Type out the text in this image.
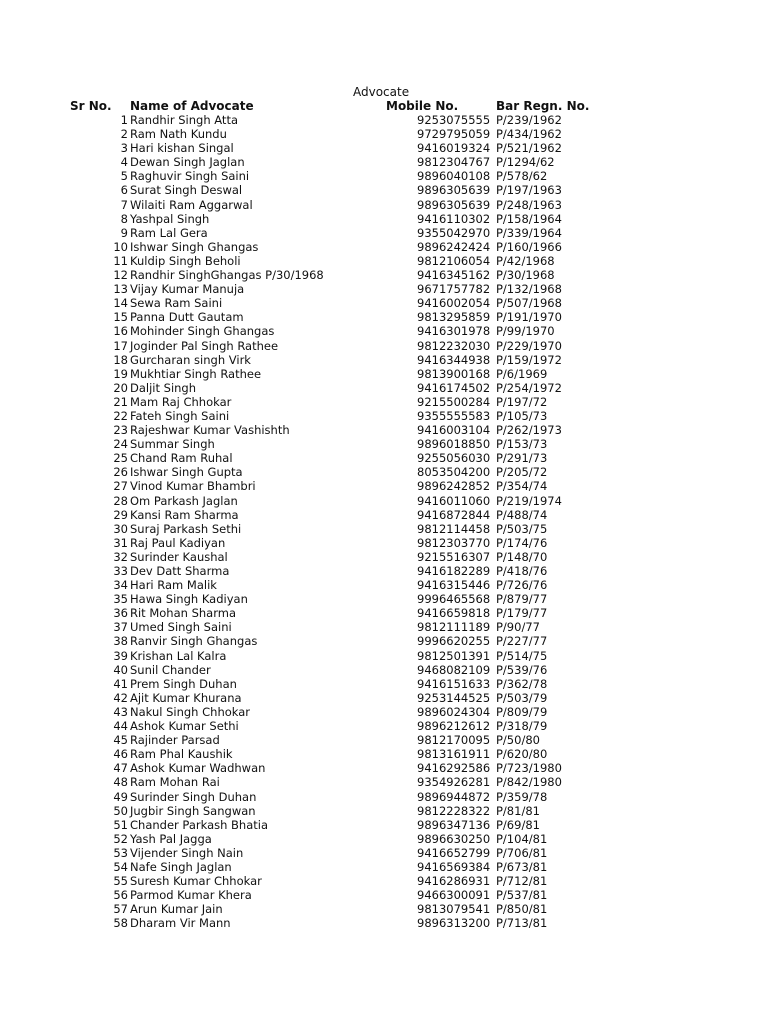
Advocate
Sr No. Name of Advocate	Mobile No.	Bar Regn. No.
1 Randhir Singh Atta	9253075555 P/239/1962
2 Ram Nath Kundu	9729795059 P/434/1962
3 Hari kishan Singal	9416019324 P/521/1962
4 Dewan Singh Jaglan	9812304767 P/1294/62
5 Raghuvir Singh Saini	9896040108 P/578/62
6 Surat Singh Deswal	9896305639 P/197/1963
7 Wilaiti Ram Aggarwal	9896305639 P/248/1963
8 Yashpal Singh	9416110302 P/158/1964
9 Ram Lal Gera	9355042970 P/339/1964
10 Ishwar Singh Ghangas	9896242424 P/160/1966
11 Kuldip Singh Beholi	9812106054 P/42/1968
12 Randhir SinghGhangas P/30/1968	9416345162 P/30/1968
13 Vijay Kumar Manuja	9671757782 P/132/1968
14 Sewa Ram Saini	9416002054 P/507/1968
15 Panna Dutt Gautam	9813295859 P/191/1970
16 Mohinder Singh Ghangas	9416301978 P/99/1970
17 Joginder Pal Singh Rathee	9812232030 P/229/1970
18 Gurcharan singh Virk	9416344938 P/159/1972
19 Mukhtiar Singh Rathee	9813900168 P/6/1969
20 Daljit Singh	9416174502 P/254/1972
21 Mam Raj Chhokar	9215500284 P/197/72
22 Fateh Singh Saini	9355555583 P/105/73
23 Rajeshwar Kumar Vashishth	9416003104 P/262/1973
24 Summar Singh	9896018850 P/153/73
25 Chand Ram Ruhal	9255056030 P/291/73
26 Ishwar Singh Gupta	8053504200 P/205/72
27 Vinod Kumar Bhambri	9896242852 P/354/74
28 Om Parkash Jaglan	9416011060 P/219/1974
29 Kansi Ram Sharma	9416872844 P/488/74
30 Suraj Parkash Sethi	9812114458 P/503/75
31 Raj Paul Kadiyan	9812303770 P/174/76
32 Surinder Kaushal	9215516307 P/148/70
33 Dev Datt Sharma	9416182289 P/418/76
34 Hari Ram Malik	9416315446 P/726/76
35 Hawa Singh Kadiyan	9996465568 P/879/77
36 Rit Mohan Sharma	9416659818 P/179/77
37 Umed Singh Saini	9812111189 P/90/77
38 Ranvir Singh Ghangas	9996620255 P/227/77
39 Krishan Lal Kalra	9812501391 P/514/75
40 Sunil Chander	9468082109 P/539/76
41 Prem Singh Duhan	9416151633 P/362/78
42 Ajit Kumar Khurana	9253144525 P/503/79
43 Nakul Singh Chhokar	9896024304 P/809/79
44 Ashok Kumar Sethi	9896212612 P/318/79
45 Rajinder Parsad	9812170095 P/50/80
46 Ram Phal Kaushik	9813161911 P/620/80
47 Ashok Kumar Wadhwan	9416292586 P/723/1980
48 Ram Mohan Rai	9354926281 P/842/1980
49 Surinder Singh Duhan	9896944872 P/359/78
50 Jugbir Singh Sangwan	9812228322 P/81/81
51 Chander Parkash Bhatia	9896347136 P/69/81
52 Yash Pal Jagga	9896630250 P/104/81
53 Vijender Singh Nain	9416652799 P/706/81
54 Nafe Singh Jaglan	9416569384 P/673/81
55 Suresh Kumar Chhokar	9416286931 P/712/81
56 Parmod Kumar Khera	9466300091 P/537/81
57 Arun Kumar Jain	9813079541 P/850/81
58 Dharam Vir Mann	9896313200 P/713/81
